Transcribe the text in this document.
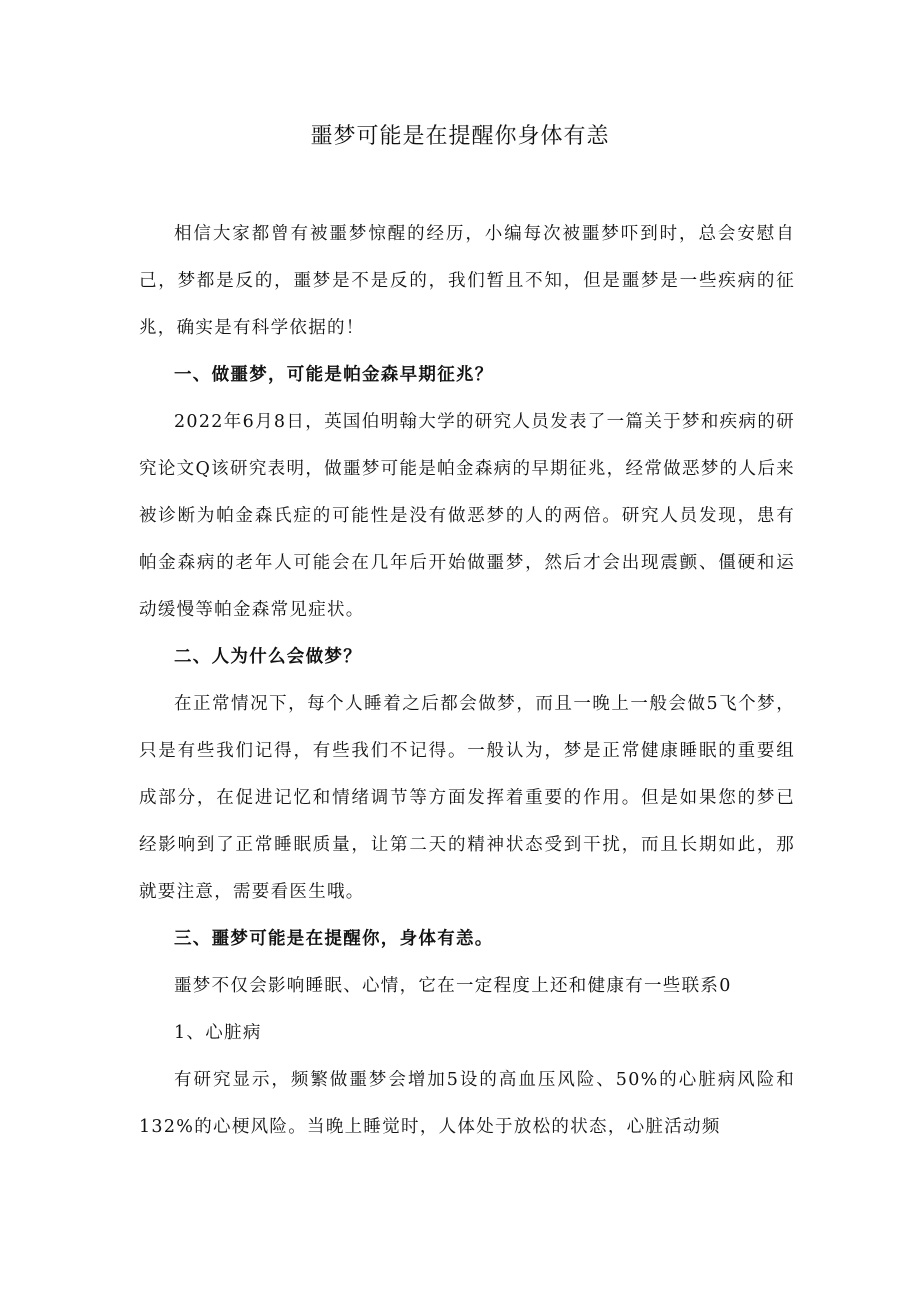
噩梦可能是在提醒你身体有恙

相信大家都曾有被噩梦惊醒的经历，小编每次被噩梦吓到时，总会安慰自己，梦都是反的，噩梦是不是反的，我们暂且不知，但是噩梦是一些疾病的征兆，确实是有科学依据的！

一、做噩梦，可能是帕金森早期征兆？

2022年6月8日，英国伯明翰大学的研究人员发表了一篇关于梦和疾病的研究论文Q该研究表明，做噩梦可能是帕金森病的早期征兆，经常做恶梦的人后来被诊断为帕金森氏症的可能性是没有做恶梦的人的两倍。研究人员发现，患有帕金森病的老年人可能会在几年后开始做噩梦，然后才会出现震颤、僵硬和运动缓慢等帕金森常见症状。

二、人为什么会做梦？

在正常情况下，每个人睡着之后都会做梦，而且一晚上一般会做5飞个梦，只是有些我们记得，有些我们不记得。一般认为，梦是正常健康睡眠的重要组成部分，在促进记忆和情绪调节等方面发挥着重要的作用。但是如果您的梦已经影响到了正常睡眠质量，让第二天的精神状态受到干扰，而且长期如此，那就要注意，需要看医生哦。

三、噩梦可能是在提醒你，身体有恙。

噩梦不仅会影响睡眠、心情，它在一定程度上还和健康有一些联系0

1、心脏病

有研究显示，频繁做噩梦会增加5设的高血压风险、50%的心脏病风险和132%的心梗风险。当晚上睡觉时，人体处于放松的状态，心脏活动频
